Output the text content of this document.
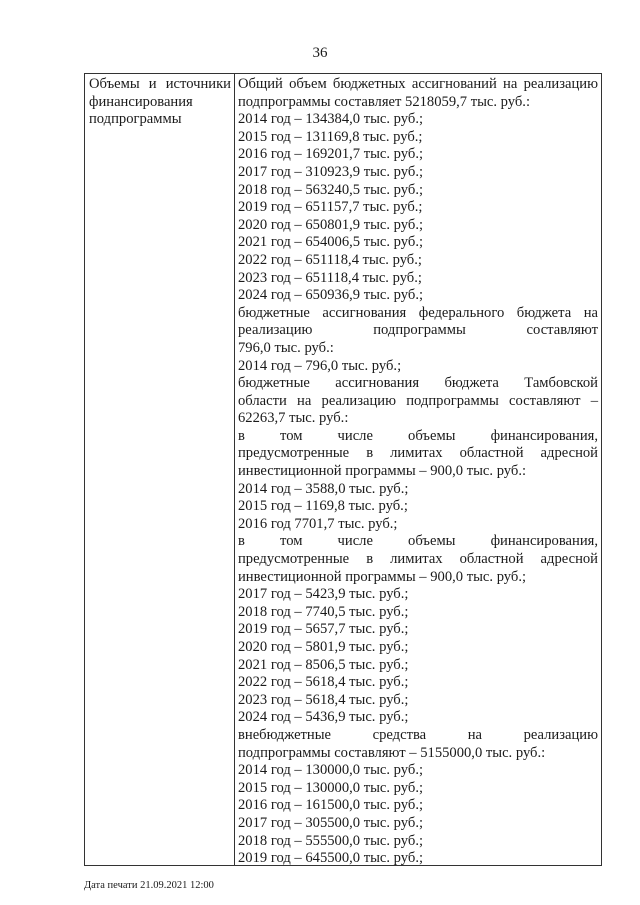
36
Объемы и источники
финансирования
подпрограммы
Общий объем бюджетных ассигнований на реализацию
подпрограммы составляет 5218059,7 тыс. руб.:
2014 год – 134384,0 тыс. руб.;
2015 год – 131169,8 тыс. руб.;
2016 год – 169201,7 тыс. руб.;
2017 год – 310923,9 тыс. руб.;
2018 год – 563240,5 тыс. руб.;
2019 год – 651157,7 тыс. руб.;
2020 год – 650801,9 тыс. руб.;
2021 год – 654006,5 тыс. руб.;
2022 год – 651118,4 тыс. руб.;
2023 год – 651118,4 тыс. руб.;
2024 год – 650936,9 тыс. руб.;
бюджетные ассигнования федерального бюджета на
реализацию подпрограммы составляют
796,0 тыс. руб.:
2014 год – 796,0 тыс. руб.;
бюджетные ассигнования бюджета Тамбовской
области на реализацию подпрограммы составляют –
62263,7 тыс. руб.:
в том числе объемы финансирования,
предусмотренные в лимитах областной адресной
инвестиционной программы – 900,0 тыс. руб.:
2014 год – 3588,0 тыс. руб.;
2015 год – 1169,8 тыс. руб.;
2016 год 7701,7 тыс. руб.;
в том числе объемы финансирования,
предусмотренные в лимитах областной адресной
инвестиционной программы – 900,0 тыс. руб.;
2017 год – 5423,9 тыс. руб.;
2018 год – 7740,5 тыс. руб.;
2019 год – 5657,7 тыс. руб.;
2020 год – 5801,9 тыс. руб.;
2021 год – 8506,5 тыс. руб.;
2022 год – 5618,4 тыс. руб.;
2023 год – 5618,4 тыс. руб.;
2024 год – 5436,9 тыс. руб.;
внебюджетные средства на реализацию
подпрограммы составляют – 5155000,0 тыс. руб.:
2014 год – 130000,0 тыс. руб.;
2015 год – 130000,0 тыс. руб.;
2016 год – 161500,0 тыс. руб.;
2017 год – 305500,0 тыс. руб.;
2018 год – 555500,0 тыс. руб.;
2019 год – 645500,0 тыс. руб.;
Дата печати 21.09.2021 12:00
